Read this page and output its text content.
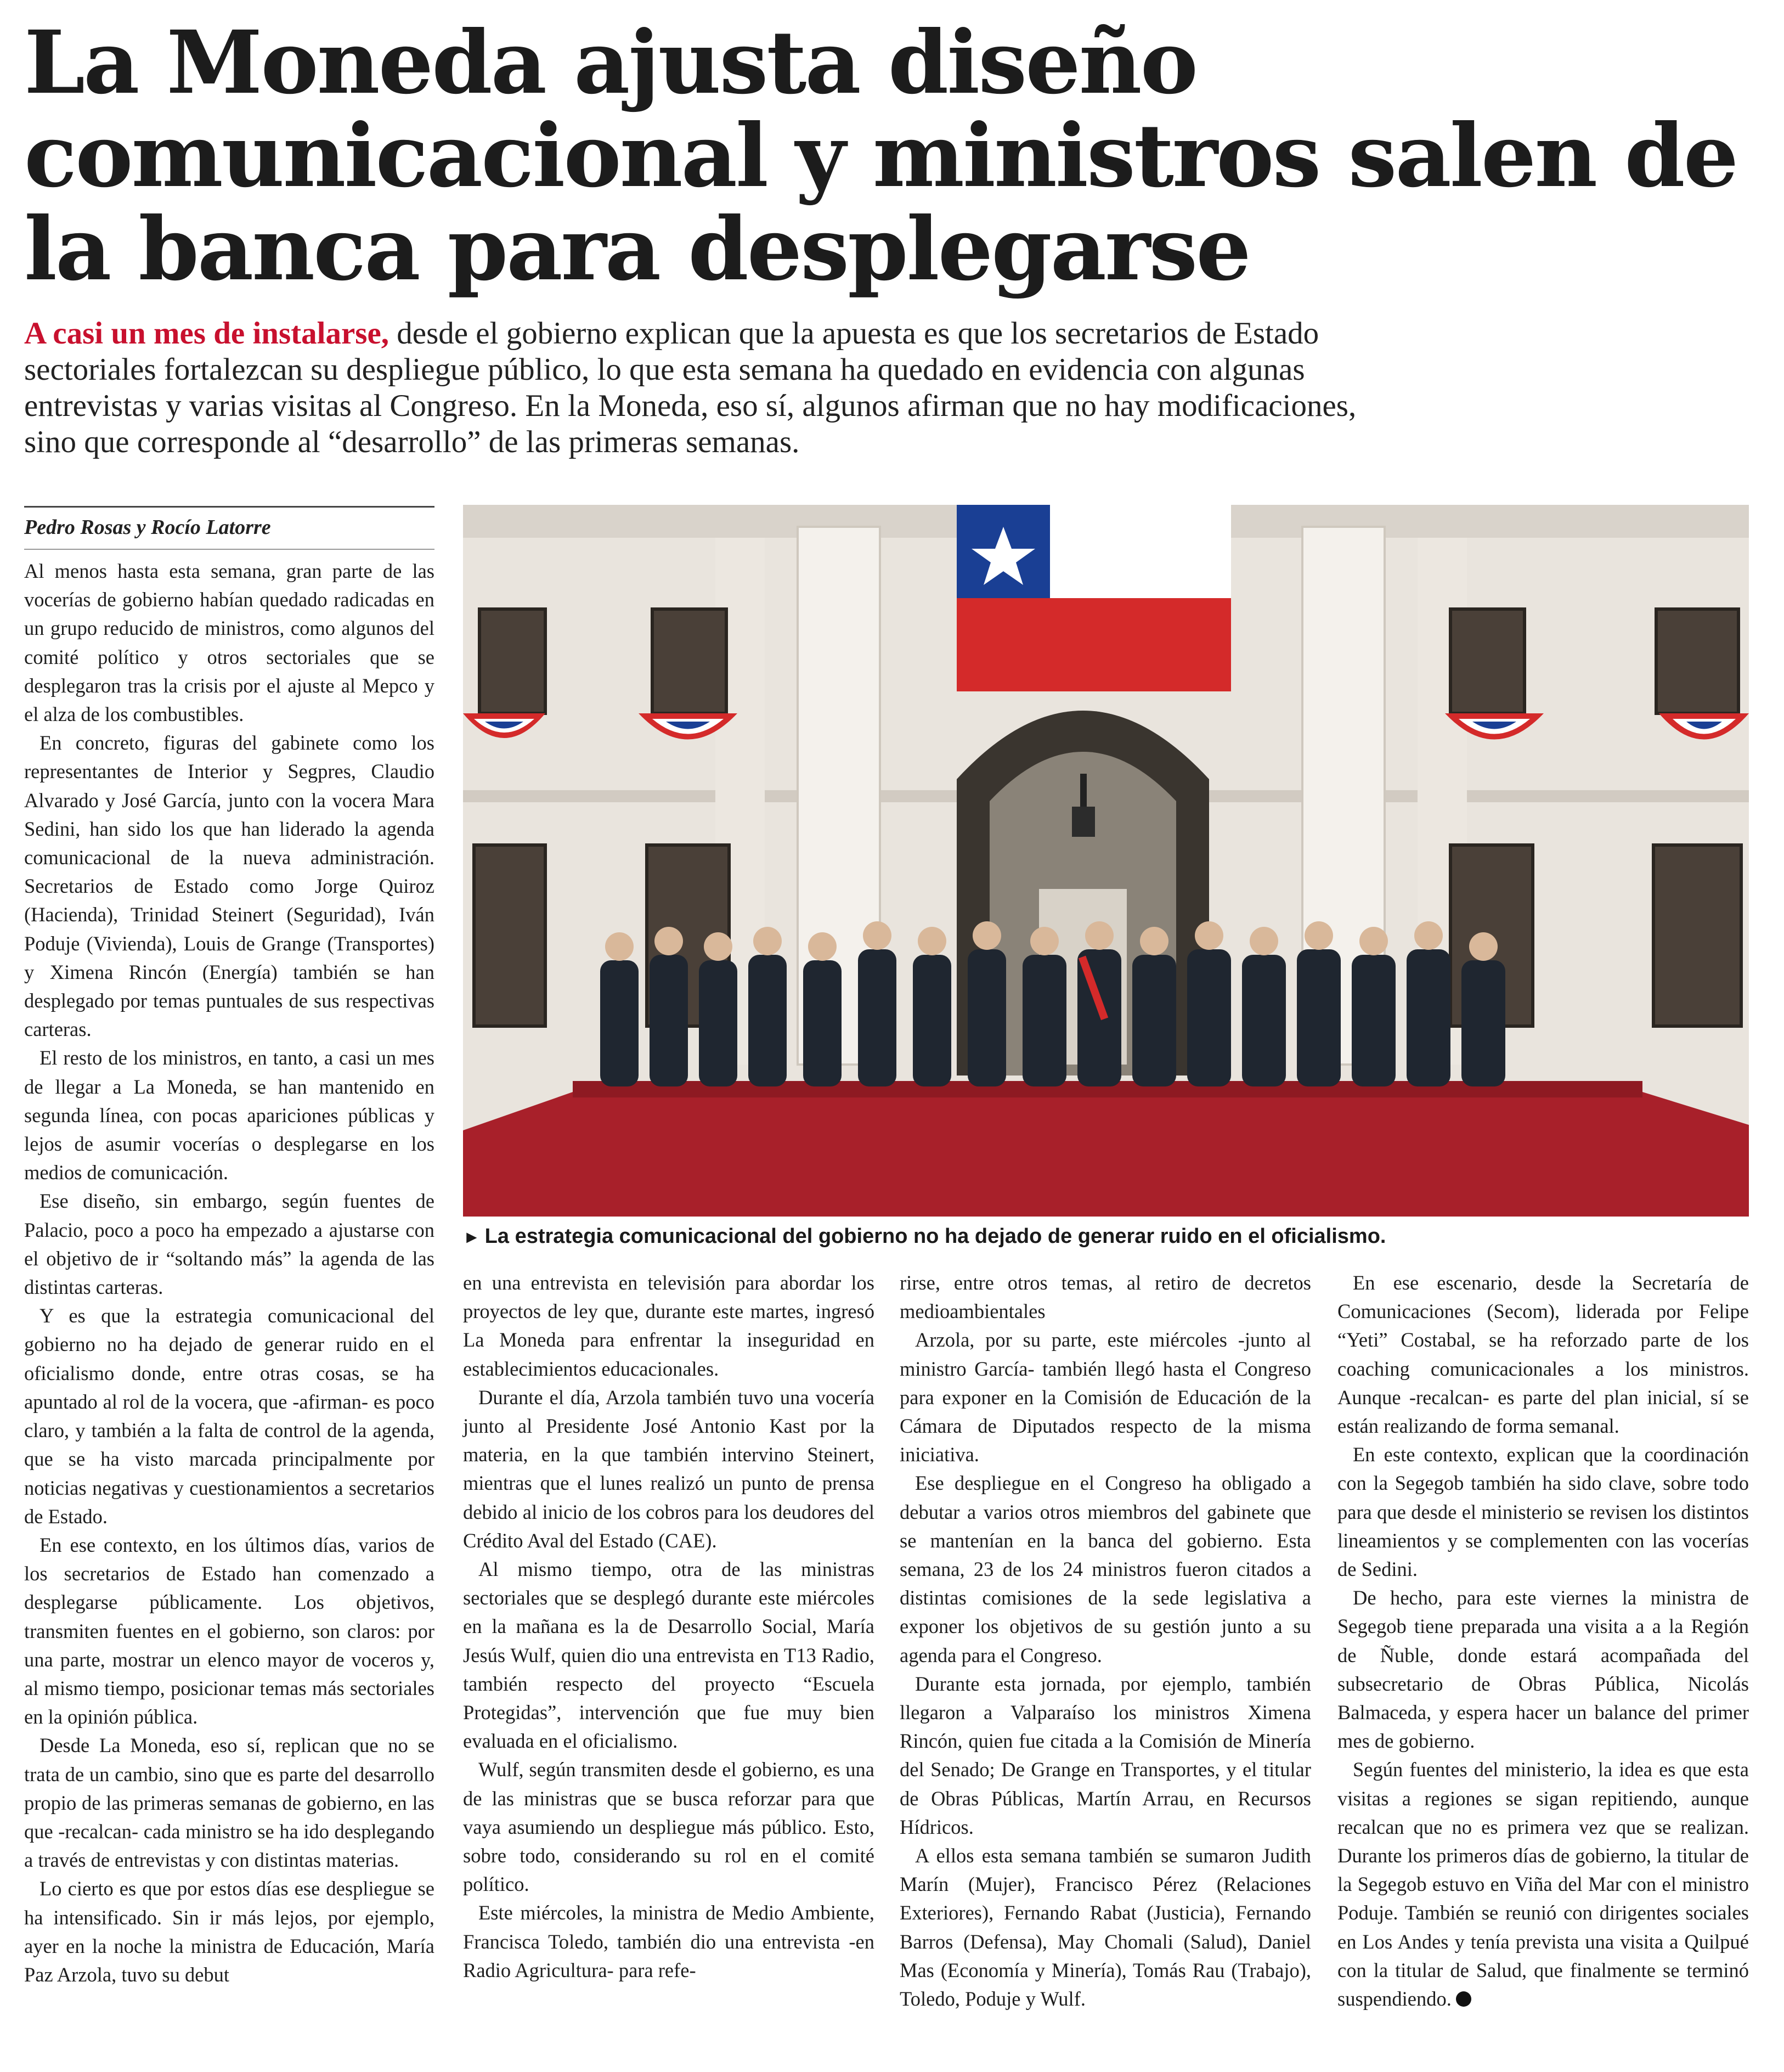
La Moneda ajusta diseño comunicacional y ministros salen de la banca para desplegarse

A casi un mes de instalarse, desde el gobierno explican que la apuesta es que los secretarios de Estado sectoriales fortalezcan su despliegue público, lo que esta semana ha quedado en evidencia con algunas entrevistas y varias visitas al Congreso. En la Moneda, eso sí, algunos afirman que no hay modificaciones, sino que corresponde al “desarrollo” de las primeras semanas.

Pedro Rosas y Rocío Latorre

Al menos hasta esta semana, gran parte de las vocerías de gobierno habían quedado radicadas en un grupo reducido de ministros, como algunos del comité político y otros sectoriales que se desplegaron tras la crisis por el ajuste al Mepco y el alza de los combustibles.

En concreto, figuras del gabinete como los representantes de Interior y Segpres, Claudio Alvarado y José García, junto con la vocera Mara Sedini, han sido los que han liderado la agenda comunicacional de la nueva administración. Secretarios de Estado como Jorge Quiroz (Hacienda), Trinidad Steinert (Seguridad), Iván Poduje (Vivienda), Louis de Grange (Transportes) y Ximena Rincón (Energía) también se han desplegado por temas puntuales de sus respectivas carteras.

El resto de los ministros, en tanto, a casi un mes de llegar a La Moneda, se han mantenido en segunda línea, con pocas apariciones públicas y lejos de asumir vocerías o desplegarse en los medios de comunicación.

Ese diseño, sin embargo, según fuentes de Palacio, poco a poco ha empezado a ajustarse con el objetivo de ir “soltando más” la agenda de las distintas carteras.

Y es que la estrategia comunicacional del gobierno no ha dejado de generar ruido en el oficialismo donde, entre otras cosas, se ha apuntado al rol de la vocera, que -afirman- es poco claro, y también a la falta de control de la agenda, que se ha visto marcada principalmente por noticias negativas y cuestionamientos a secretarios de Estado.

En ese contexto, en los últimos días, varios de los secretarios de Estado han comenzado a desplegarse públicamente. Los objetivos, transmiten fuentes en el gobierno, son claros: por una parte, mostrar un elenco mayor de voceros y, al mismo tiempo, posicionar temas más sectoriales en la opinión pública.

Desde La Moneda, eso sí, replican que no se trata de un cambio, sino que es parte del desarrollo propio de las primeras semanas de gobierno, en las que -recalcan- cada ministro se ha ido desplegando a través de entrevistas y con distintas materias.

Lo cierto es que por estos días ese despliegue se ha intensificado. Sin ir más lejos, por ejemplo, ayer en la noche la ministra de Educación, María Paz Arzola, tuvo su debut

► La estrategia comunicacional del gobierno no ha dejado de generar ruido en el oficialismo.

en una entrevista en televisión para abordar los proyectos de ley que, durante este martes, ingresó La Moneda para enfrentar la inseguridad en establecimientos educacionales.

Durante el día, Arzola también tuvo una vocería junto al Presidente José Antonio Kast por la materia, en la que también intervino Steinert, mientras que el lunes realizó un punto de prensa debido al inicio de los cobros para los deudores del Crédito Aval del Estado (CAE).

Al mismo tiempo, otra de las ministras sectoriales que se desplegó durante este miércoles en la mañana es la de Desarrollo Social, María Jesús Wulf, quien dio una entrevista en T13 Radio, también respecto del proyecto “Escuela Protegidas”, intervención que fue muy bien evaluada en el oficialismo.

Wulf, según transmiten desde el gobierno, es una de las ministras que se busca reforzar para que vaya asumiendo un despliegue más público. Esto, sobre todo, considerando su rol en el comité político.

Este miércoles, la ministra de Medio Ambiente, Francisca Toledo, también dio una entrevista -en Radio Agricultura- para refe-

rirse, entre otros temas, al retiro de decretos medioambientales

Arzola, por su parte, este miércoles -junto al ministro García- también llegó hasta el Congreso para exponer en la Comisión de Educación de la Cámara de Diputados respecto de la misma iniciativa.

Ese despliegue en el Congreso ha obligado a debutar a varios otros miembros del gabinete que se mantenían en la banca del gobierno. Esta semana, 23 de los 24 ministros fueron citados a distintas comisiones de la sede legislativa a exponer los objetivos de su gestión junto a su agenda para el Congreso.

Durante esta jornada, por ejemplo, también llegaron a Valparaíso los ministros Ximena Rincón, quien fue citada a la Comisión de Minería del Senado; De Grange en Transportes, y el titular de Obras Públicas, Martín Arrau, en Recursos Hídricos.

A ellos esta semana también se sumaron Judith Marín (Mujer), Francisco Pérez (Relaciones Exteriores), Fernando Rabat (Justicia), Fernando Barros (Defensa), May Chomali (Salud), Daniel Mas (Economía y Minería), Tomás Rau (Trabajo), Toledo, Poduje y Wulf.

En ese escenario, desde la Secretaría de Comunicaciones (Secom), liderada por Felipe “Yeti” Costabal, se ha reforzado parte de los coaching comunicacionales a los ministros. Aunque -recalcan- es parte del plan inicial, sí se están realizando de forma semanal.

En este contexto, explican que la coordinación con la Segegob también ha sido clave, sobre todo para que desde el ministerio se revisen los distintos lineamientos y se complementen con las vocerías de Sedini.

De hecho, para este viernes la ministra de Segegob tiene preparada una visita a a la Región de Ñuble, donde estará acompañada del subsecretario de Obras Pública, Nicolás Balmaceda, y espera hacer un balance del primer mes de gobierno.

Según fuentes del ministerio, la idea es que esta visitas a regiones se sigan repitiendo, aunque recalcan que no es primera vez que se realizan. Durante los primeros días de gobierno, la titular de la Segegob estuvo en Viña del Mar con el ministro Poduje. También se reunió con dirigentes sociales en Los Andes y tenía prevista una visita a Quilpué con la titular de Salud, que finalmente se terminó suspendiendo.
